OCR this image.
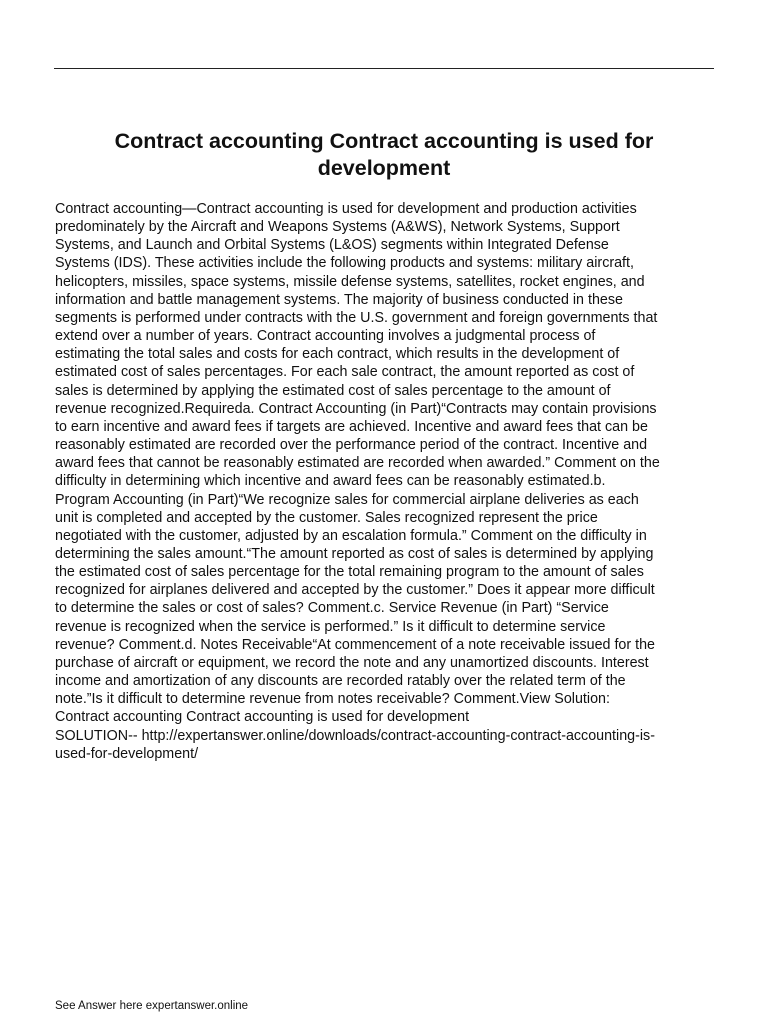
Contract accounting Contract accounting is used for development
Contract accounting—Contract accounting is used for development and production activities
predominately by the Aircraft and Weapons Systems (A&WS), Network Systems, Support
Systems, and Launch and Orbital Systems (L&OS) segments within Integrated Defense
Systems (IDS). These activities include the following products and systems: military aircraft,
helicopters, missiles, space systems, missile defense systems, satellites, rocket engines, and
information and battle management systems. The majority of business conducted in these
segments is performed under contracts with the U.S. government and foreign governments that
extend over a number of years. Contract accounting involves a judgmental process of
estimating the total sales and costs for each contract, which results in the development of
estimated cost of sales percentages. For each sale contract, the amount reported as cost of
sales is determined by applying the estimated cost of sales percentage to the amount of
revenue recognized.Requireda. Contract Accounting (in Part)“Contracts may contain provisions
to earn incentive and award fees if targets are achieved. Incentive and award fees that can be
reasonably estimated are recorded over the performance period of the contract. Incentive and
award fees that cannot be reasonably estimated are recorded when awarded.” Comment on the
difficulty in determining which incentive and award fees can be reasonably estimated.b.
Program Accounting (in Part)“We recognize sales for commercial airplane deliveries as each
unit is completed and accepted by the customer. Sales recognized represent the price
negotiated with the customer, adjusted by an escalation formula.” Comment on the difficulty in
determining the sales amount.“The amount reported as cost of sales is determined by applying
the estimated cost of sales percentage for the total remaining program to the amount of sales
recognized for airplanes delivered and accepted by the customer.” Does it appear more difficult
to determine the sales or cost of sales? Comment.c. Service Revenue (in Part) “Service
revenue is recognized when the service is performed.” Is it difficult to determine service
revenue? Comment.d. Notes Receivable“At commencement of a note receivable issued for the
purchase of aircraft or equipment, we record the note and any unamortized discounts. Interest
income and amortization of any discounts are recorded ratably over the related term of the
note.”Is it difficult to determine revenue from notes receivable? Comment.View Solution:
Contract accounting Contract accounting is used for development
SOLUTION-- http://expertanswer.online/downloads/contract-accounting-contract-accounting-is-
used-for-development/

See Answer here expertanswer.online
